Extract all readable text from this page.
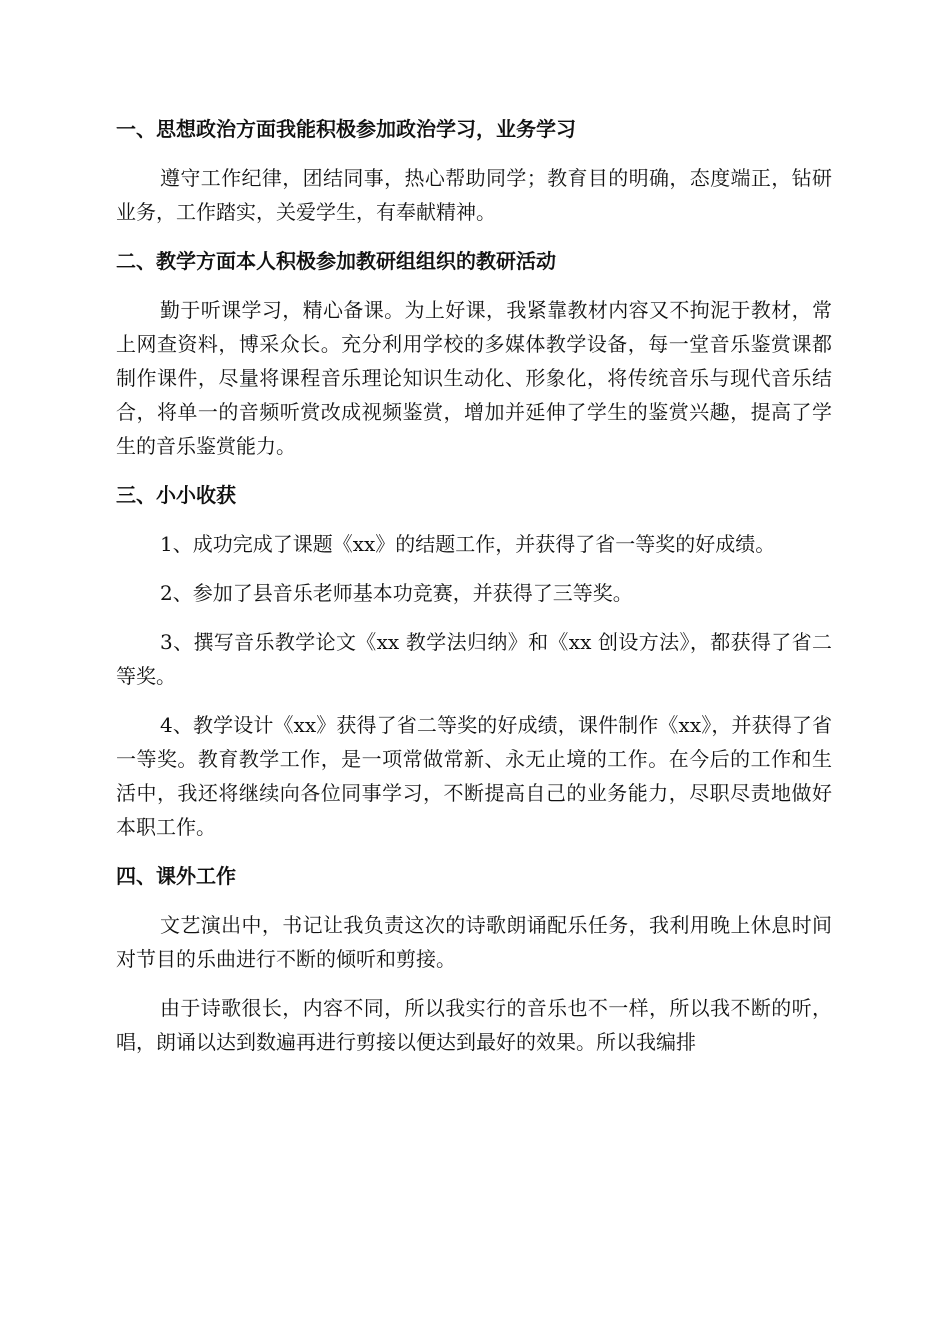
一、思想政治方面我能积极参加政治学习，业务学习

遵守工作纪律，团结同事，热心帮助同学；教育目的明确，态度端正，钻研业务，工作踏实，关爱学生，有奉献精神。

二、教学方面本人积极参加教研组组织的教研活动

勤于听课学习，精心备课。为上好课，我紧靠教材内容又不拘泥于教材，常上网查资料，博采众长。充分利用学校的多媒体教学设备，每一堂音乐鉴赏课都制作课件，尽量将课程音乐理论知识生动化、形象化，将传统音乐与现代音乐结合，将单一的音频听赏改成视频鉴赏，增加并延伸了学生的鉴赏兴趣，提高了学生的音乐鉴赏能力。

三、小小收获

1、成功完成了课题《xx》的结题工作，并获得了省一等奖的好成绩。

2、参加了县音乐老师基本功竞赛，并获得了三等奖。

3、撰写音乐教学论文《xx 教学法归纳》和《xx 创设方法》，都获得了省二等奖。

4、教学设计《xx》获得了省二等奖的好成绩，课件制作《xx》，并获得了省一等奖。教育教学工作，是一项常做常新、永无止境的工作。在今后的工作和生活中，我还将继续向各位同事学习，不断提高自己的业务能力，尽职尽责地做好本职工作。

四、课外工作

文艺演出中，书记让我负责这次的诗歌朗诵配乐任务，我利用晚上休息时间对节目的乐曲进行不断的倾听和剪接。

由于诗歌很长，内容不同，所以我实行的音乐也不一样，所以我不断的听，唱，朗诵以达到数遍再进行剪接以便达到最好的效果。所以我编排
